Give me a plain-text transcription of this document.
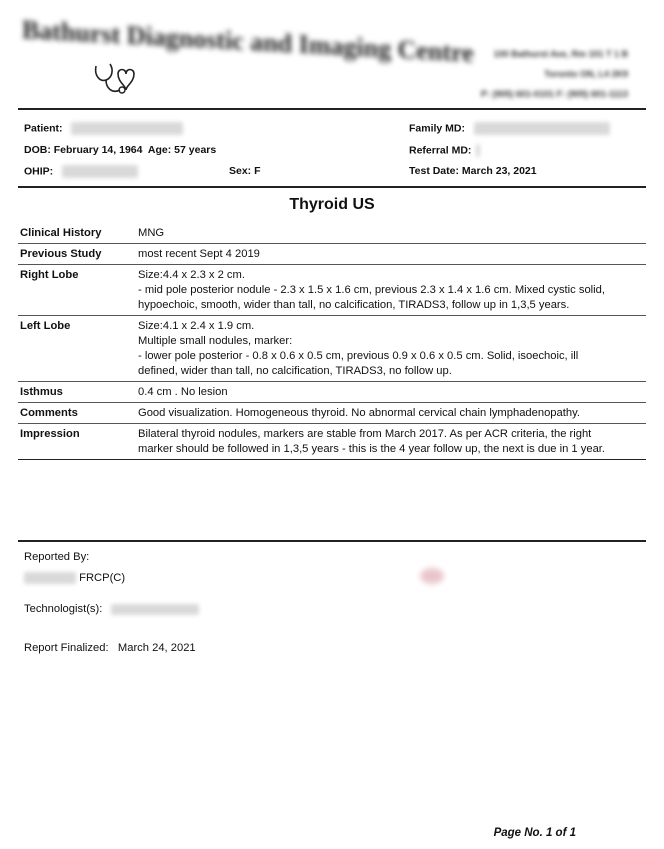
Bathurst Diagnostic and Imaging Centre	100 Bathurst Ave, Rm 101 T 1 B
Toronto ON, L4 2K9
P: (905) 601-0101 F: (905) 601-1113
Patient:
DOB: February 14, 1964 Age: 57 years
OHIP:	Sex: F
Family MD:
Referral MD:
Test Date: March 23, 2021
Thyroid US
Clinical History	MNG

Previous Study	most recent Sept 4 2019

Right Lobe	Size:4.4 x 2.3 x 2 cm.
- mid pole posterior nodule - 2.3 x 1.5 x 1.6 cm, previous 2.3 x 1.4 x 1.6 cm. Mixed cystic solid,
hypoechoic, smooth, wider than tall, no calcification, TIRADS3, follow up in 1,3,5 years.

Left Lobe	Size:4.1 x 2.4 x 1.9 cm.
Multiple small nodules, marker:
- lower pole posterior - 0.8 x 0.6 x 0.5 cm, previous 0.9 x 0.6 x 0.5 cm. Solid, isoechoic, ill
defined, wider than tall, no calcification, TIRADS3, no follow up.

Isthmus	0.4 cm . No lesion

Comments	Good visualization. Homogeneous thyroid. No abnormal cervical chain lymphadenopathy.

Impression	Bilateral thyroid nodules, markers are stable from March 2017. As per ACR criteria, the right
marker should be followed in 1,3,5 years - this is the 4 year follow up, the next is due in 1 year.
Reported By:
FRCP(C)
Technologist(s):
Report Finalized: March 24, 2021
Page No. 1 of 1
